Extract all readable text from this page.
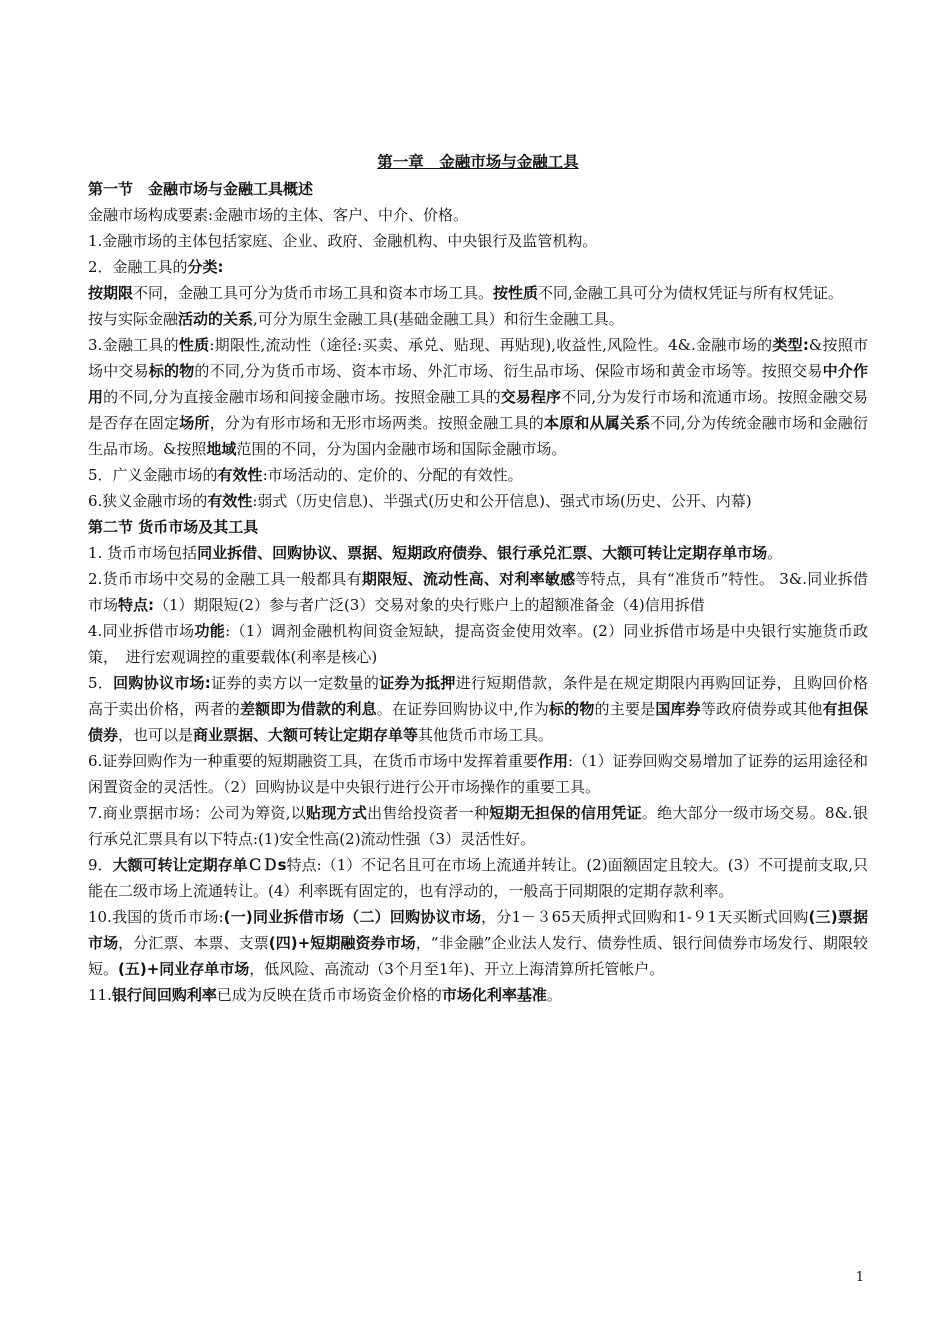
第一章　金融市场与金融工具
第一节　金融市场与金融工具概述

金融市场构成要素:金融市场的主体、客户、中介、价格。

1.金融市场的主体包括家庭、企业、政府、金融机构、中央银行及监管机构。

2．金融工具的分类:

按期限不同，金融工具可分为货币市场工具和资本市场工具。按性质不同,金融工具可分为债权凭证与所有权凭证。

按与实际金融活动的关系,可分为原生金融工具(基础金融工具）和衍生金融工具。

3.金融工具的性质:期限性,流动性（途径:买卖、承兑、贴现、再贴现),收益性,风险性。4&.金融市场的类型:&按照市场中交易标的物的不同,分为货币市场、资本市场、外汇市场、衍生品市场、保险市场和黄金市场等。按照交易中介作用的不同,分为直接金融市场和间接金融市场。按照金融工具的交易程序不同,分为发行市场和流通市场。按照金融交易是否存在固定场所，分为有形市场和无形市场两类。按照金融工具的本原和从属关系不同,分为传统金融市场和金融衍生品市场。&按照地域范围的不同，分为国内金融市场和国际金融市场。

5．广义金融市场的有效性:市场活动的、定价的、分配的有效性。

6.狭义金融市场的有效性:弱式（历史信息)、半强式(历史和公开信息)、强式市场(历史、公开、内幕)

第二节 货币市场及其工具

1. 货币市场包括同业拆借、回购协议、票据、短期政府债券、银行承兑汇票、大额可转让定期存单市场。

2.货币市场中交易的金融工具一般都具有期限短、流动性高、对利率敏感等特点，具有“准货币”特性。 3&.同业拆借市场特点:（1）期限短(2）参与者广泛(3）交易对象的央行账户上的超额准备金（4)信用拆借

4.同业拆借市场功能:（1）调剂金融机构间资金短缺，提高资金使用效率。(2）同业拆借市场是中央银行实施货币政策，　进行宏观调控的重要载体(利率是核心)

5．回购协议市场:证券的卖方以一定数量的证券为抵押进行短期借款，条件是在规定期限内再购回证券，且购回价格高于卖出价格，两者的差额即为借款的利息。在证券回购协议中,作为标的物的主要是国库券等政府债券或其他有担保债券，也可以是商业票据、大额可转让定期存单等其他货币市场工具。

6.证券回购作为一种重要的短期融资工具，在货币市场中发挥着重要作用:（1）证券回购交易增加了证券的运用途径和闲置资金的灵活性。（2）回购协议是中央银行进行公开市场操作的重要工具。

7.商业票据市场：公司为筹资,以贴现方式出售给投资者一种短期无担保的信用凭证。绝大部分一级市场交易。8&.银行承兑汇票具有以下特点:(1)安全性高(2)流动性强（3）灵活性好。

9．大额可转让定期存单ＣＤs特点:（1）不记名且可在市场上流通并转让。(2)面额固定且较大。(3）不可提前支取,只能在二级市场上流通转让。(4）利率既有固定的，也有浮动的，一般高于同期限的定期存款利率。

10.我国的货币市场:(一)同业拆借市场（二）回购协议市场，分1－３65天质押式回购和1-９1天买断式回购(三)票据市场，分汇票、本票、支票(四)+短期融资券市场，“非金融”企业法人发行、债券性质、银行间债券市场发行、期限较短。(五)+同业存单市场，低风险、高流动（3个月至1年)、开立上海清算所托管帐户。

11.银行间回购利率已成为反映在货币市场资金价格的市场化利率基准。

1
